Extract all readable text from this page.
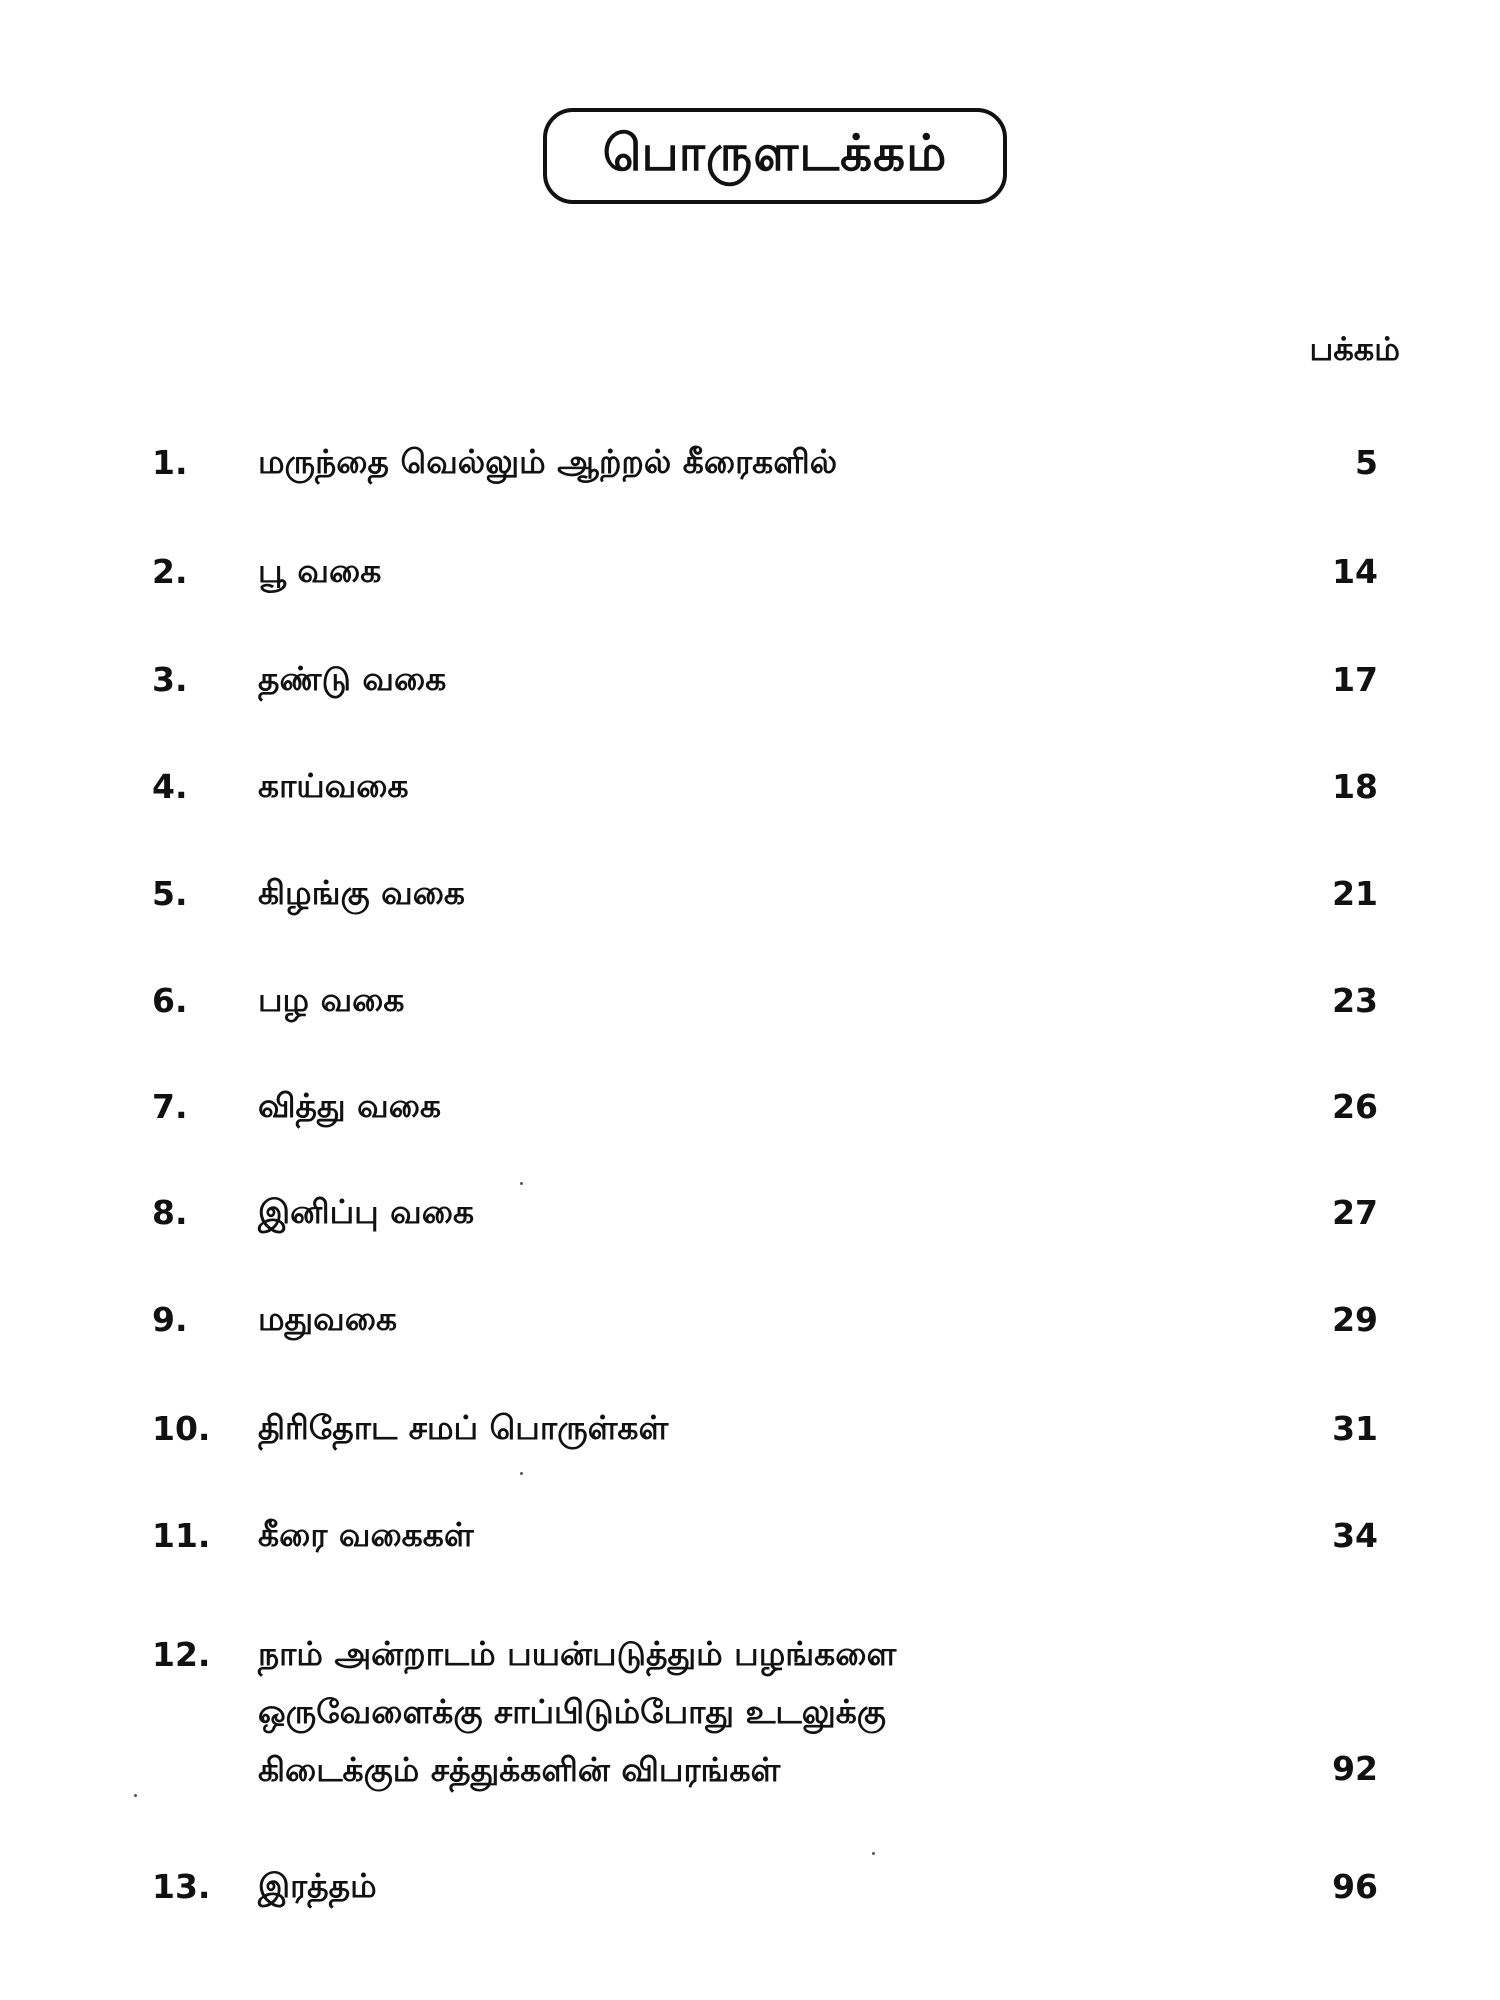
பொருளடக்கம்
பக்கம்
1. மருந்தை வெல்லும் ஆற்றல் கீரைகளில்	5
2. பூ வகை	14
3. தண்டு வகை	17
4. காய்வகை	18
5. கிழங்கு வகை	21
6. பழ வகை	23
7. வித்து வகை	26
8. இனிப்பு வகை	27
9. மதுவகை	29
10. திரிதோட சமப் பொருள்கள்	31
11. கீரை வகைகள்	34
12. நாம் அன்றாடம் பயன்படுத்தும் பழங்களை
ஒருவேளைக்கு சாப்பிடும்போது உடலுக்கு
கிடைக்கும் சத்துக்களின் விபரங்கள்	92
13. இரத்தம்	96
